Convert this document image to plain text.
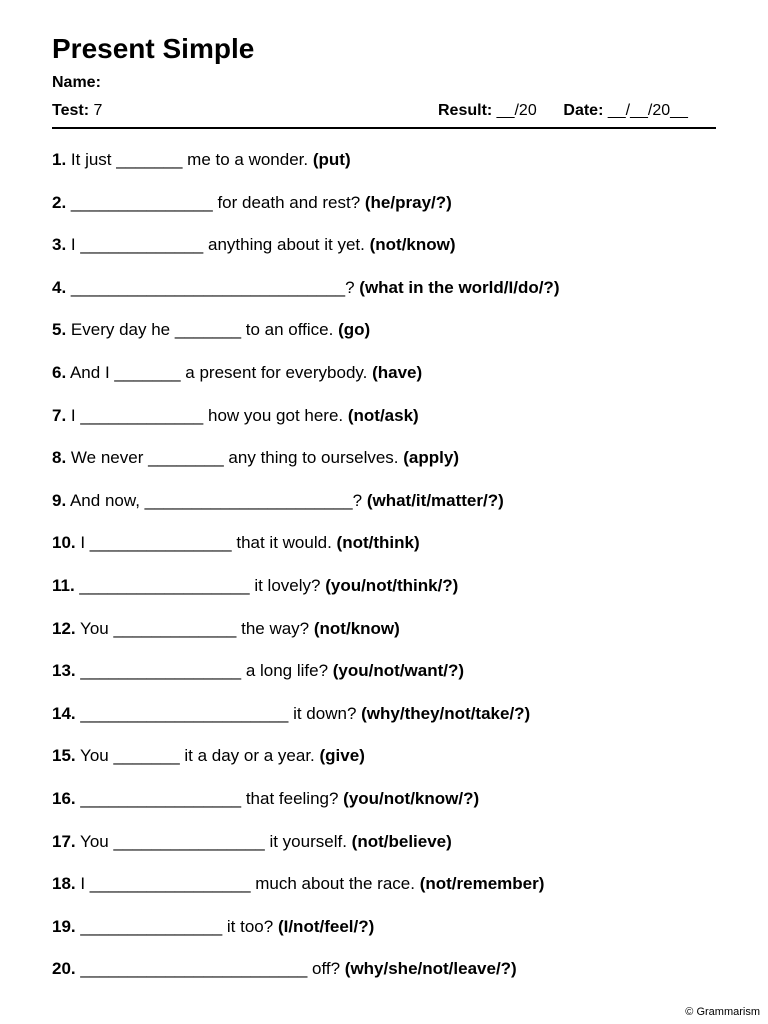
Present Simple
Name:
Test: 7	Result: __/20 Date: __/__/20__
1. It just _______ me to a wonder. (put)
2. _______________ for death and rest? (he/pray/?)
3. I _____________ anything about it yet. (not/know)
4. _____________________________? (what in the world/I/do/?)
5. Every day he _______ to an office. (go)
6. And I _______ a present for everybody. (have)
7. I _____________ how you got here. (not/ask)
8. We never ________ any thing to ourselves. (apply)
9. And now, ______________________? (what/it/matter/?)
10. I _______________ that it would. (not/think)
11. __________________ it lovely? (you/not/think/?)
12. You _____________ the way? (not/know)
13. _________________ a long life? (you/not/want/?)
14. ______________________ it down? (why/they/not/take/?)
15. You _______ it a day or a year. (give)
16. _________________ that feeling? (you/not/know/?)
17. You ________________ it yourself. (not/believe)
18. I _________________ much about the race. (not/remember)
19. _______________ it too? (I/not/feel/?)
20. ________________________ off? (why/she/not/leave/?)
© Grammarism
